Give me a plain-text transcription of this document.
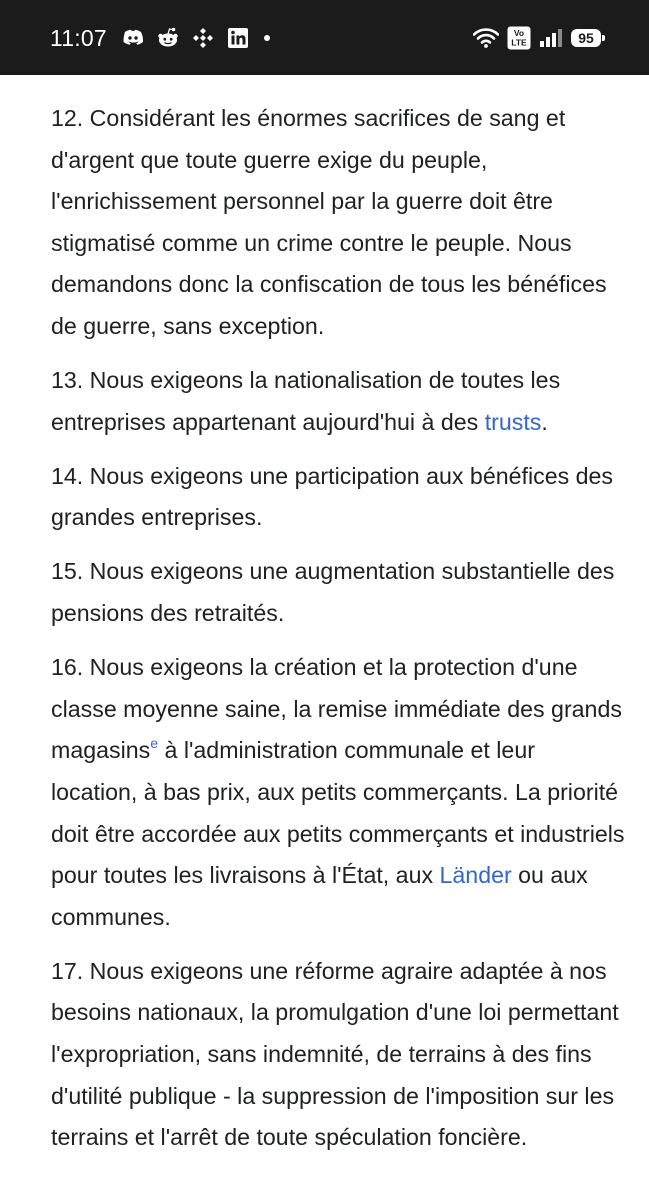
11:07	Vo
LTE	95

12. Considérant les énormes sacrifices de sang et d'argent que toute guerre exige du peuple, l'enrichissement personnel par la guerre doit être stigmatisé comme un crime contre le peuple. Nous demandons donc la confiscation de tous les bénéfices de guerre, sans exception.

13. Nous exigeons la nationalisation de toutes les entreprises appartenant aujourd'hui à des trusts.

14. Nous exigeons une participation aux bénéfices des grandes entreprises.

15. Nous exigeons une augmentation substantielle des pensions des retraités.

16. Nous exigeons la création et la protection d'une classe moyenne saine, la remise immédiate des grands magasins$^e$ à l'administration communale et leur location, à bas prix, aux petits commerçants. La priorité doit être accordée aux petits commerçants et industriels pour toutes les livraisons à l'État, aux Länder ou aux communes.

17. Nous exigeons une réforme agraire adaptée à nos besoins nationaux, la promulgation d'une loi permettant l'expropriation, sans indemnité, de terrains à des fins d'utilité publique - la suppression de l'imposition sur les terrains et l'arrêt de toute spéculation foncière.
